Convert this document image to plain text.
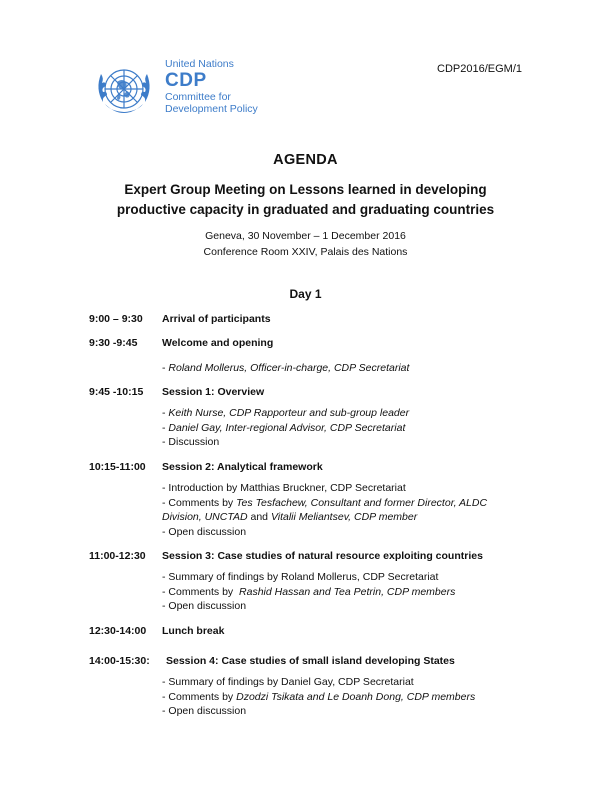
United Nations
CDP
Committee for
Development Policy
CDP2016/EGM/1
AGENDA
Expert Group Meeting on Lessons learned in developing
productive capacity in graduated and graduating countries
Geneva, 30 November – 1 December 2016
Conference Room XXIV, Palais des Nations
Day 1
9:00 – 9:30 Arrival of participants
9:30 -9:45 Welcome and opening
- Roland Mollerus, Officer-in-charge, CDP Secretariat
9:45 -10:15 Session 1: Overview
- Keith Nurse, CDP Rapporteur and sub-group leader
- Daniel Gay, Inter-regional Advisor, CDP Secretariat
- Discussion
10:15-11:00 Session 2: Analytical framework
- Introduction by Matthias Bruckner, CDP Secretariat
- Comments by Tes Tesfachew, Consultant and former Director, ALDC Division, UNCTAD and Vitalii Meliantsev, CDP member
- Open discussion
11:00-12:30 Session 3: Case studies of natural resource exploiting countries
- Summary of findings by Roland Mollerus, CDP Secretariat
- Comments by  Rashid Hassan and Tea Petrin, CDP members
- Open discussion
12:30-14:00 Lunch break
14:00-15:30: Session 4: Case studies of small island developing States
- Summary of findings by Daniel Gay, CDP Secretariat
- Comments by Dzodzi Tsikata and Le Doanh Dong, CDP members
- Open discussion
